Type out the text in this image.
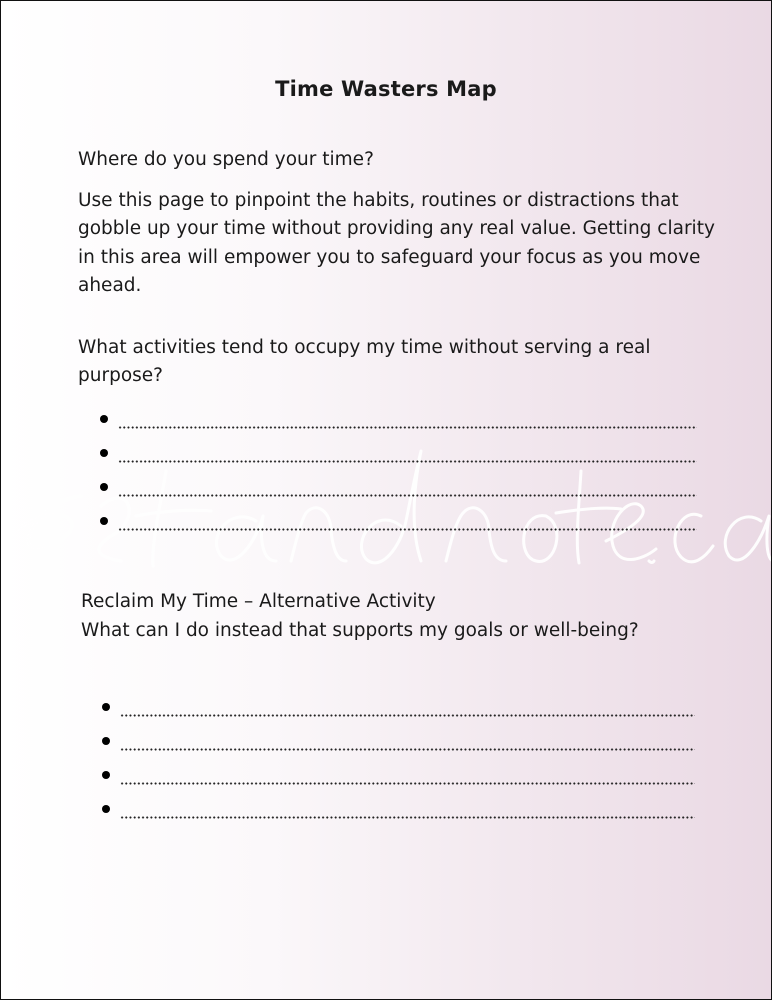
Time Wasters Map
Where do you spend your time?
Use this page to pinpoint the habits, routines or distractions that gobble up your time without providing any real value. Getting clarity in this area will empower you to safeguard your focus as you move ahead.
What activities tend to occupy my time without serving a real purpose?
Reclaim My Time – Alternative Activity
What can I do instead that supports my goals or well-being?
